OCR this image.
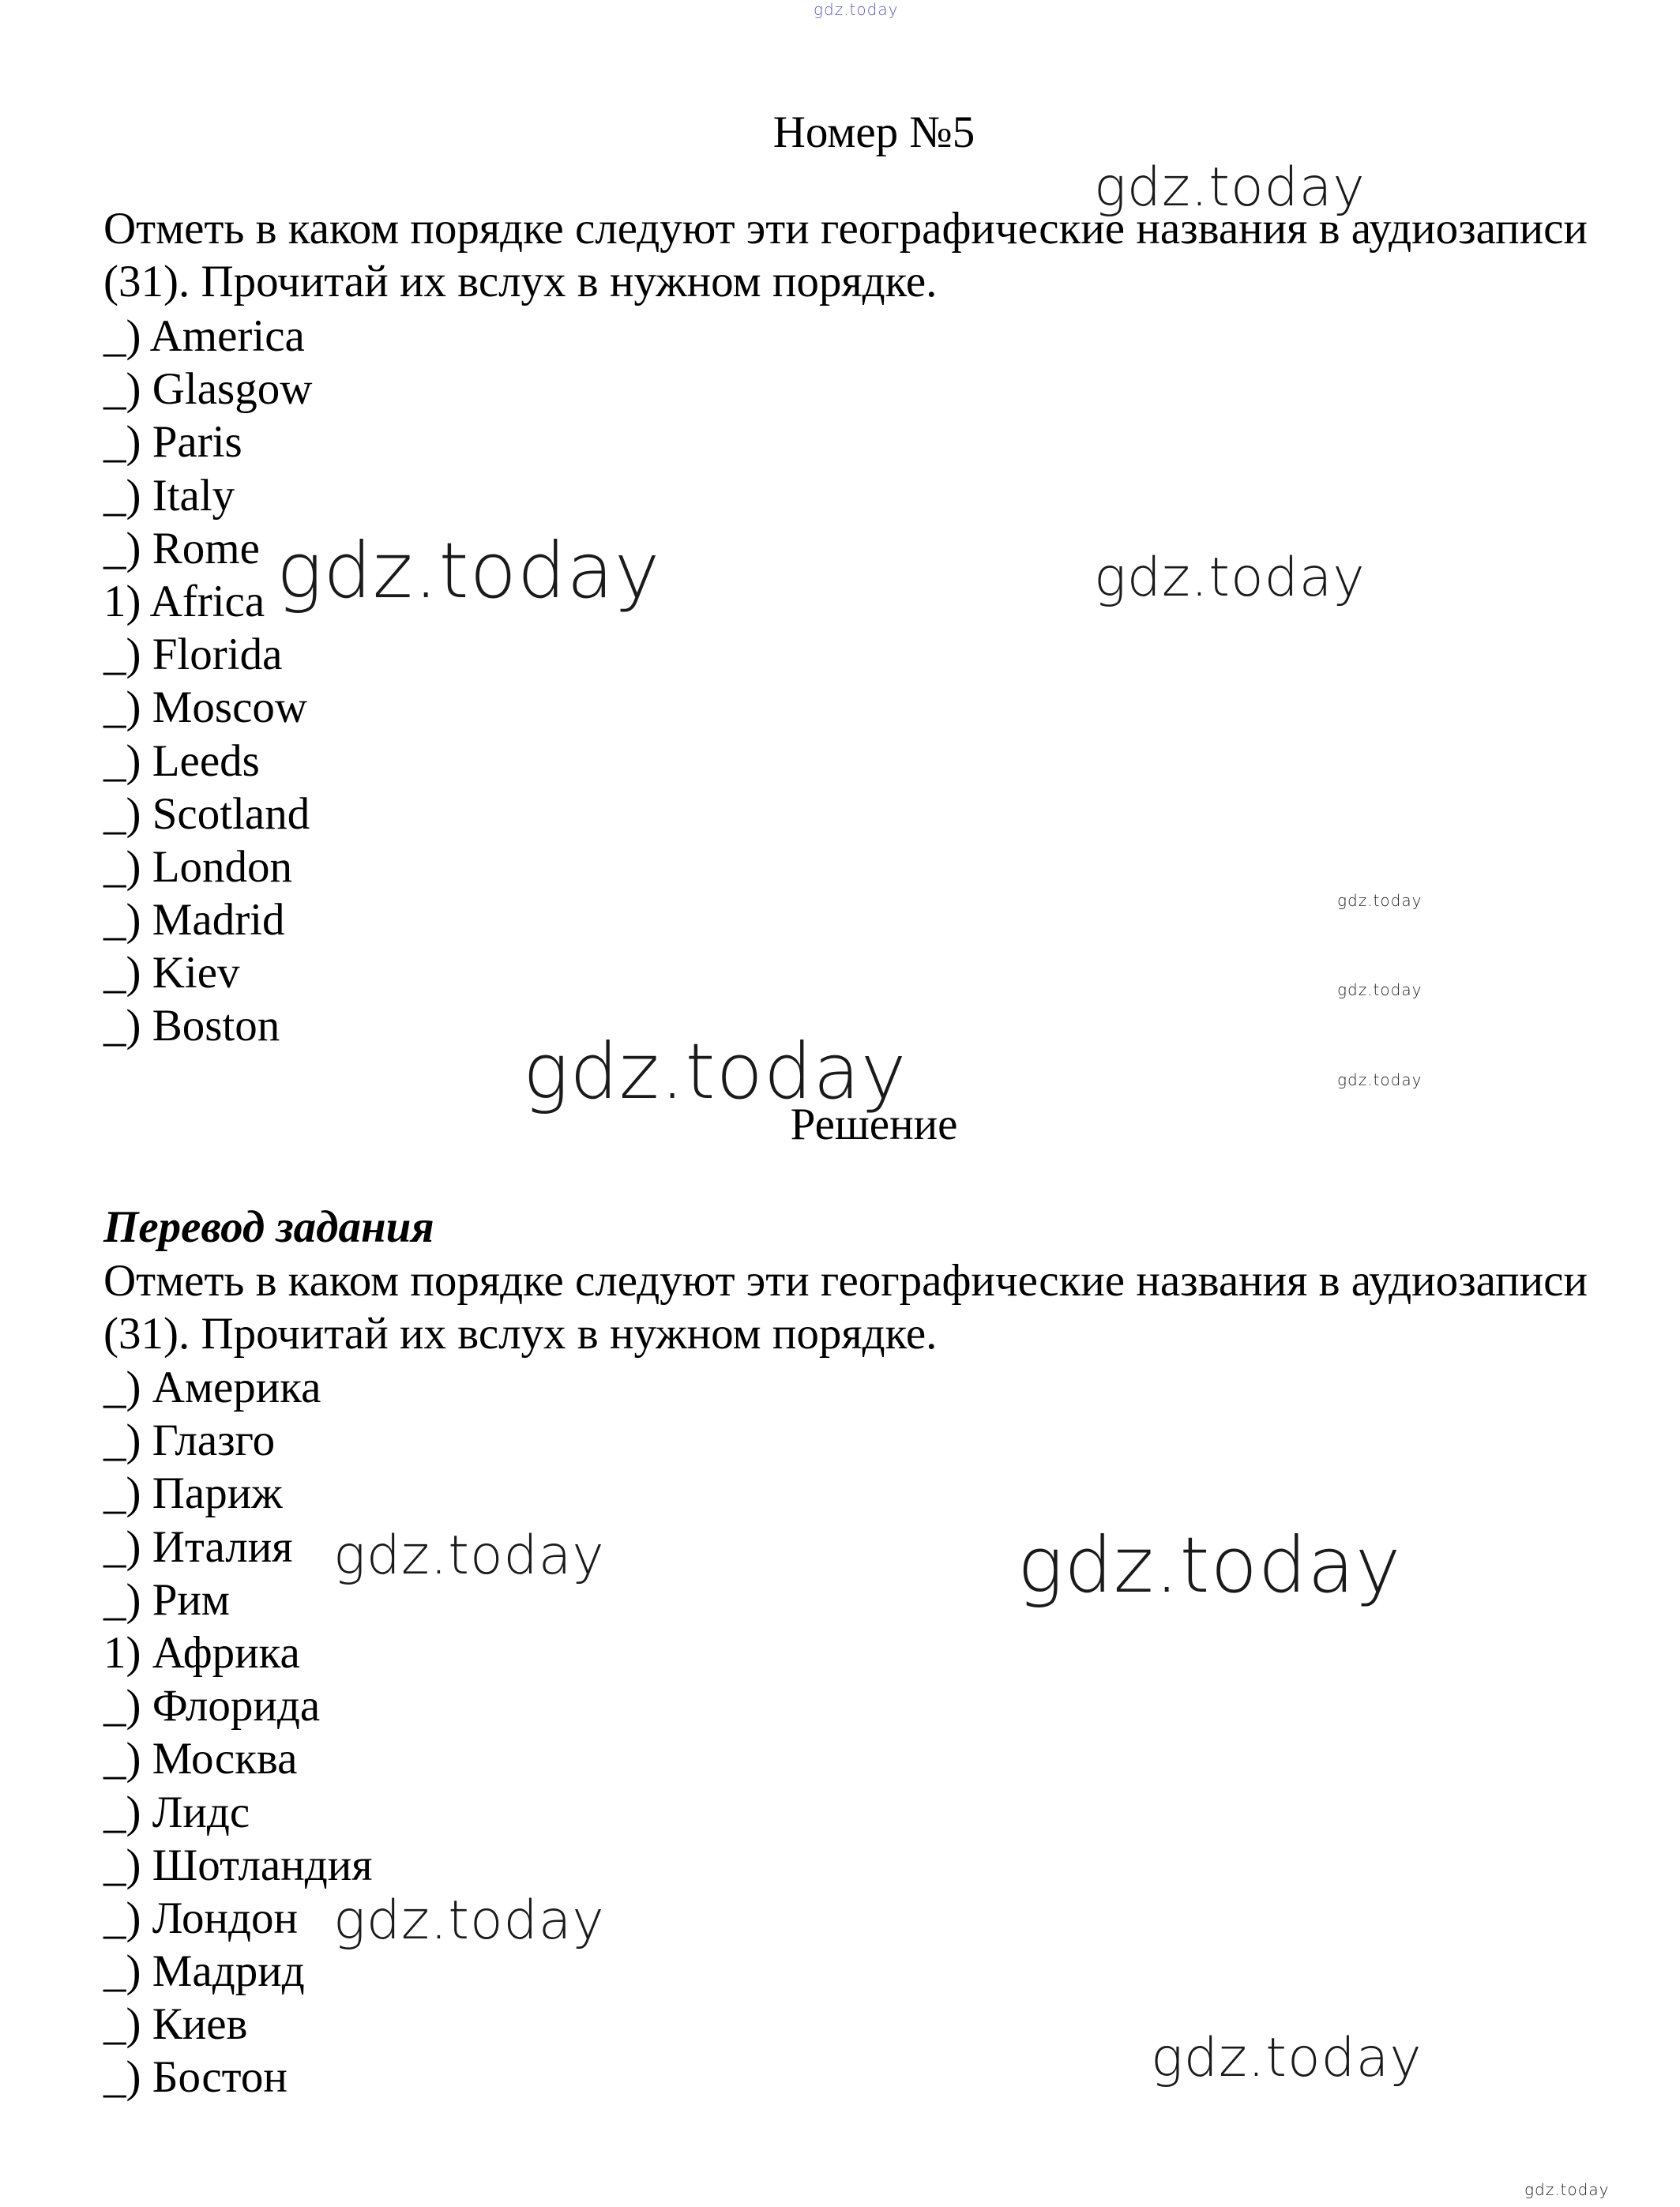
gdz.today
Номер №5
Отметь в каком порядке следуют эти географические названия в аудиозаписи (31). Прочитай их вслух в нужном порядке.
_) America
_) Glasgow
_) Paris
_) Italy
_) Rome
1) Africa
_) Florida
_) Moscow
_) Leeds
_) Scotland
_) London
_) Madrid
_) Kiev
_) Boston
Решение
Перевод задания
Отметь в каком порядке следуют эти географические названия в аудиозаписи (31). Прочитай их вслух в нужном порядке.
_) Америка
_) Глазго
_) Париж
_) Италия
_) Рим
1) Африка
_) Флорида
_) Москва
_) Лидс
_) Шотландия
_) Лондон
_) Мадрид
_) Киев
_) Бостон
gdz.today
gdz.today	gdz.today
gdz.today
gdz.today
gdz.today	gdz.today
gdz.today	gdz.today
gdz.today
gdz.today
gdz.today
